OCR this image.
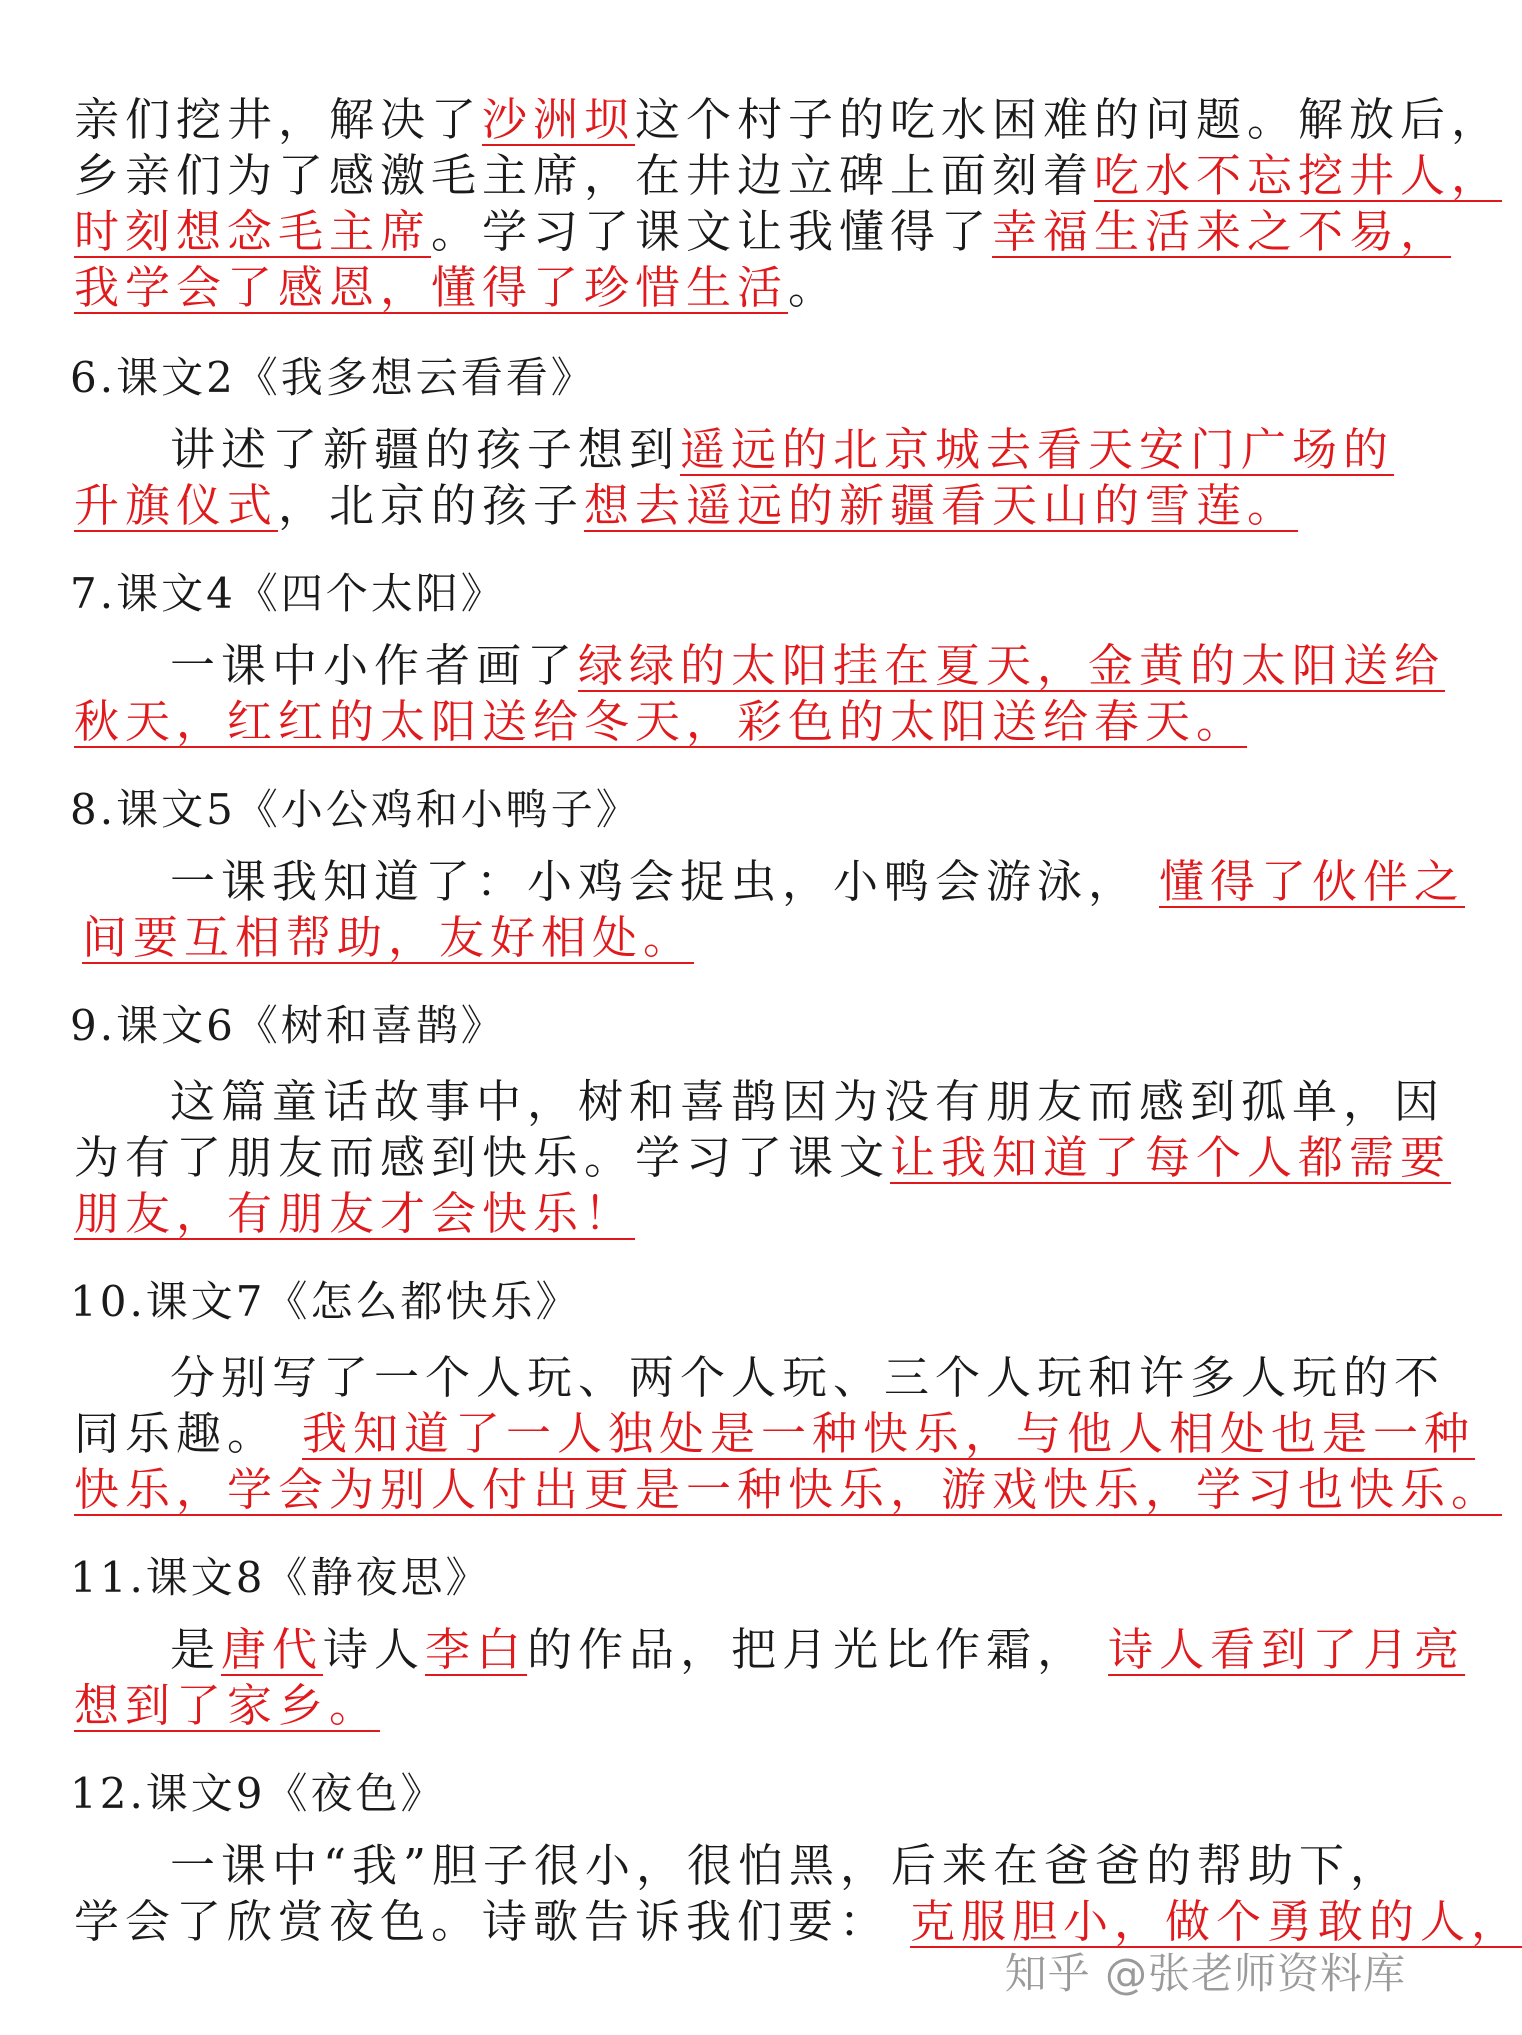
亲们挖井，解决了沙洲坝这个村子的吃水困难的问题。解放后，
乡亲们为了感激毛主席，在井边立碑上面刻着吃水不忘挖井人，
时刻想念毛主席。学习了课文让我懂得了幸福生活来之不易，
我学会了感恩，懂得了珍惜生活。
6.课文2《我多想云看看》
讲述了新疆的孩子想到遥远的北京城去看天安门广场的
升旗仪式，北京的孩子想去遥远的新疆看天山的雪莲。
7.课文4《四个太阳》
一课中小作者画了绿绿的太阳挂在夏天，金黄的太阳送给
秋天，红红的太阳送给冬天，彩色的太阳送给春天。
8.课文5《小公鸡和小鸭子》
一课我知道了：小鸡会捉虫，小鸭会游泳， 懂得了伙伴之
间要互相帮助，友好相处。
9.课文6《树和喜鹊》
这篇童话故事中，树和喜鹊因为没有朋友而感到孤单，因
为有了朋友而感到快乐。学习了课文让我知道了每个人都需要
朋友，有朋友才会快乐！
10.课文7《怎么都快乐》
分别写了一个人玩、两个人玩、三个人玩和许多人玩的不
同乐趣。 我知道了一人独处是一种快乐，与他人相处也是一种
快乐，学会为别人付出更是一种快乐，游戏快乐，学习也快乐。
11.课文8《静夜思》
是唐代诗人李白的作品，把月光比作霜， 诗人看到了月亮
想到了家乡。
12.课文9《夜色》
一课中“我”胆子很小，很怕黑，后来在爸爸的帮助下，
学会了欣赏夜色。诗歌告诉我们要： 克服胆小，做个勇敢的人，
知乎 @张老师资料库
